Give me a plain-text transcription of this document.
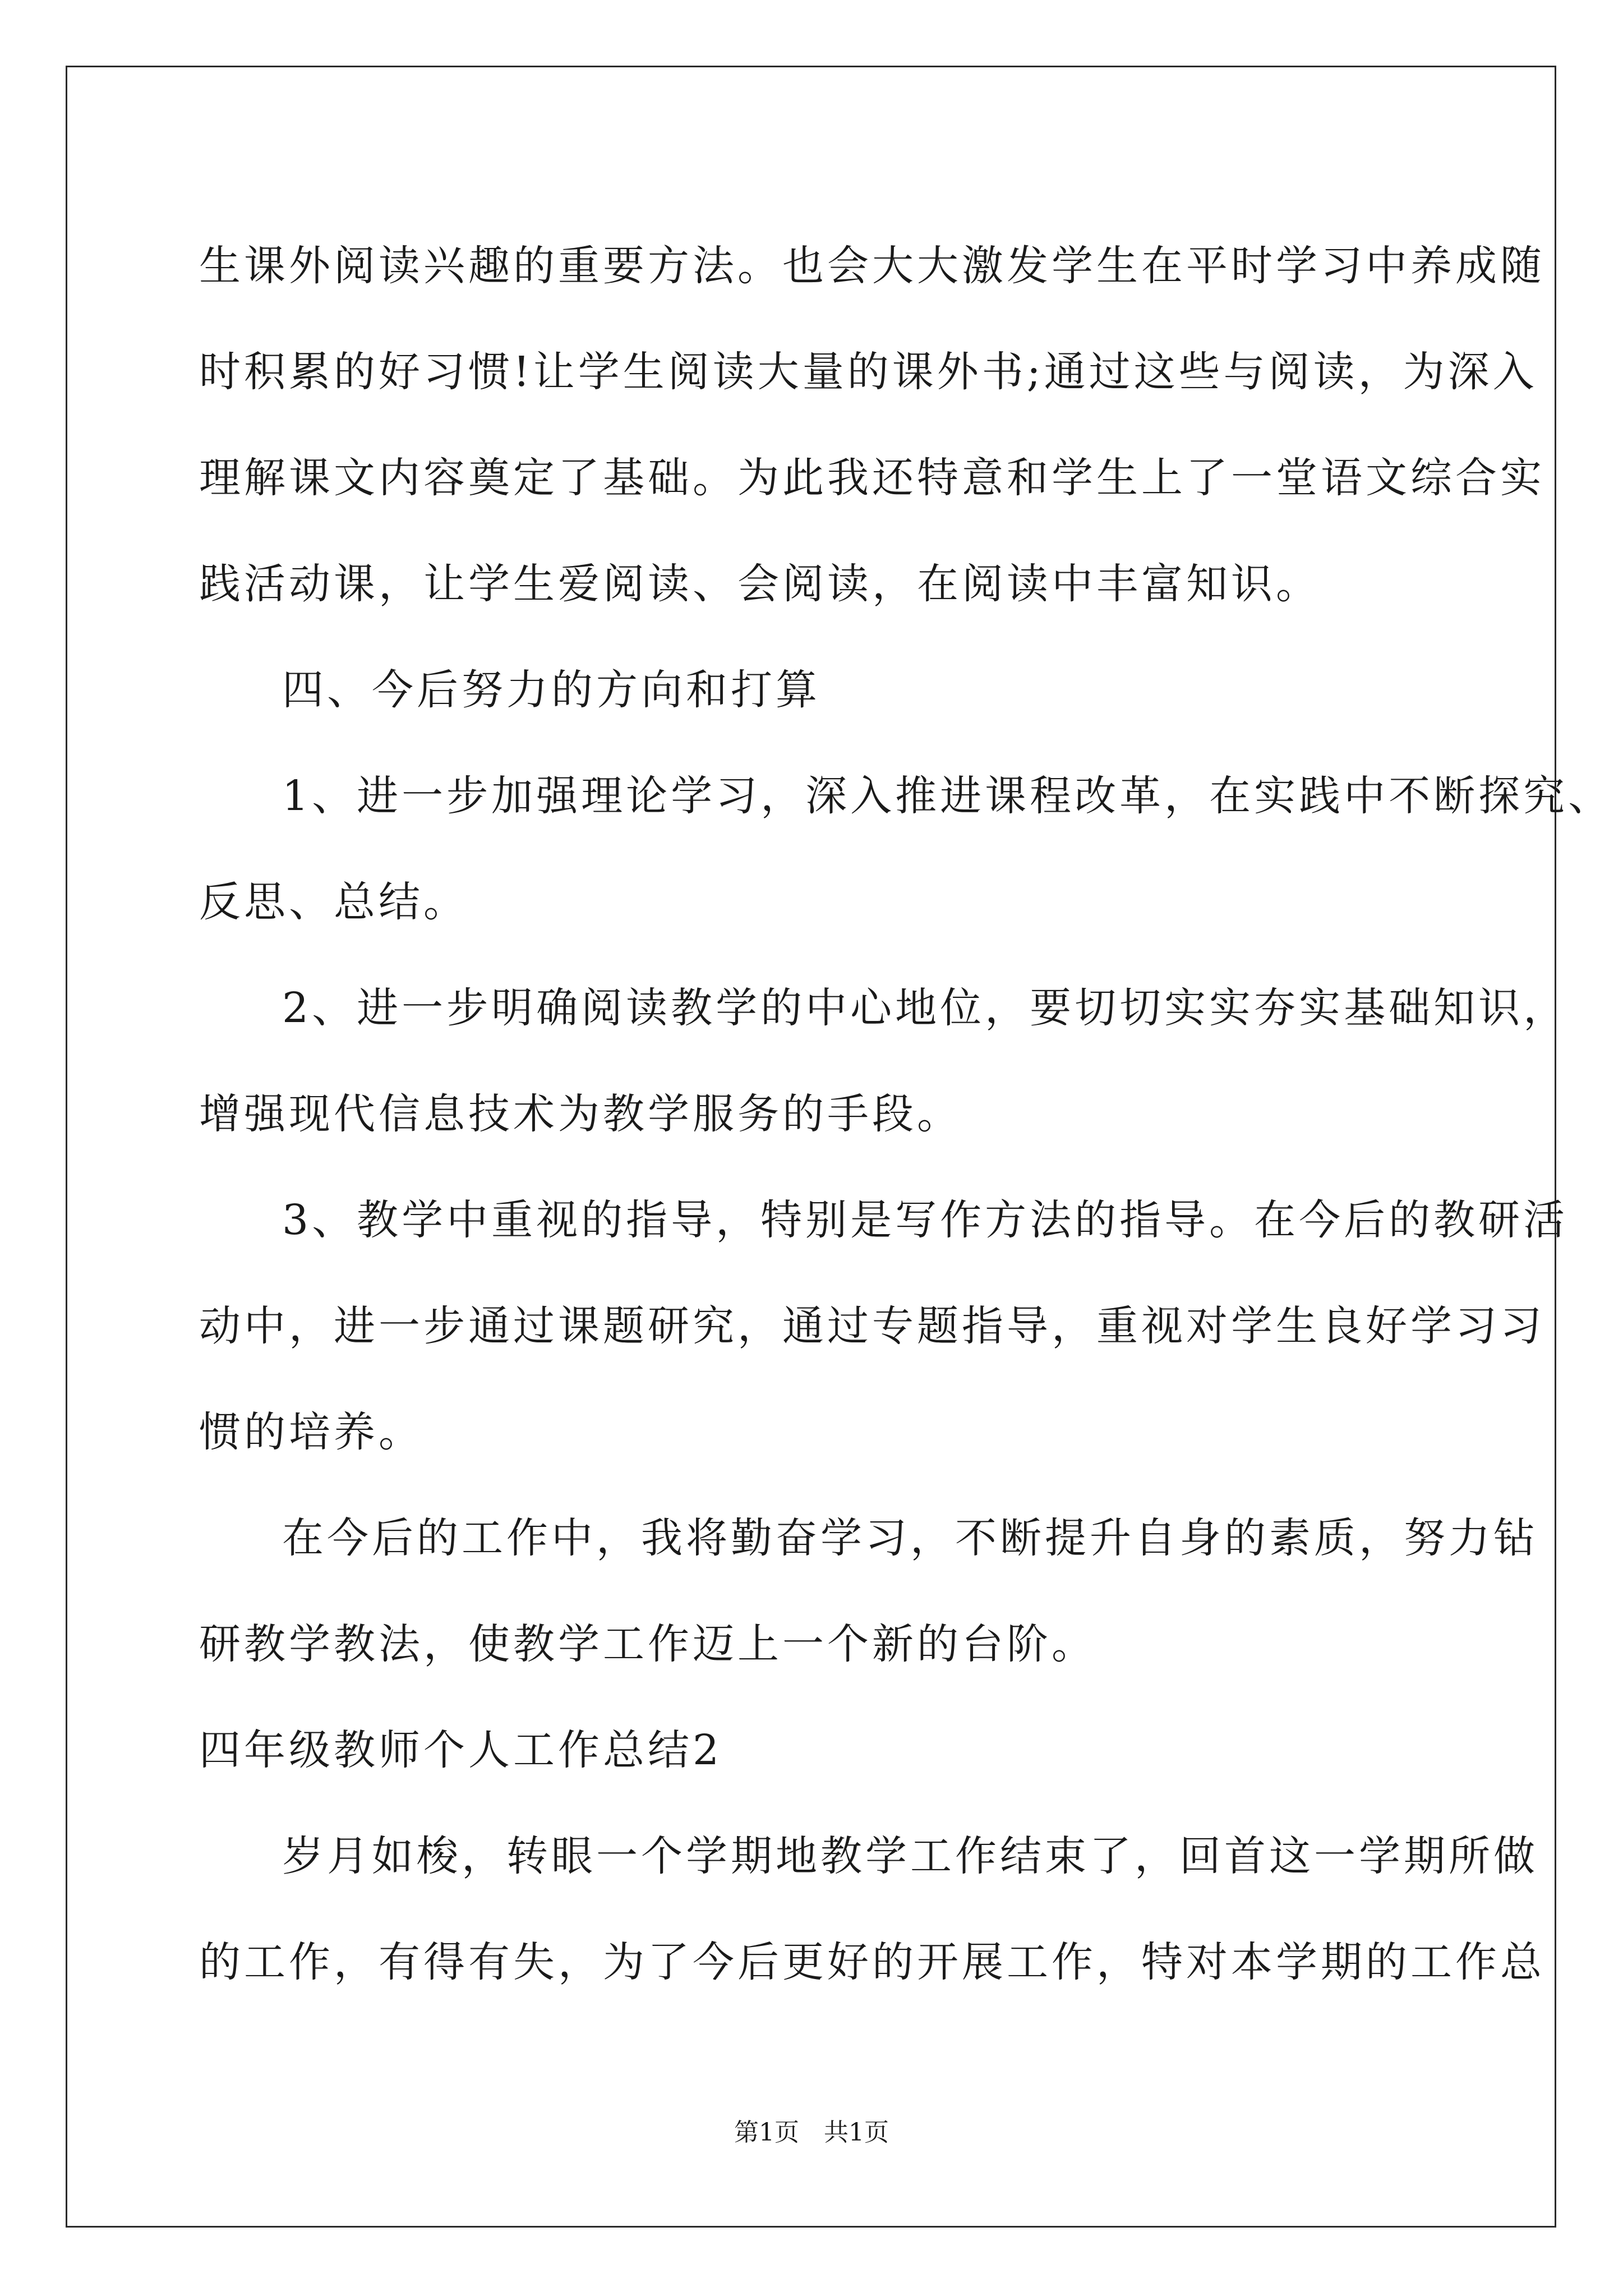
生课外阅读兴趣的重要方法。也会大大激发学生在平时学习中养成随
时积累的好习惯!让学生阅读大量的课外书;通过这些与阅读，为深入
理解课文内容奠定了基础。为此我还特意和学生上了一堂语文综合实
践活动课，让学生爱阅读、会阅读，在阅读中丰富知识。
四、今后努力的方向和打算
1、进一步加强理论学习，深入推进课程改革，在实践中不断探究、
反思、总结。
2、进一步明确阅读教学的中心地位，要切切实实夯实基础知识，
增强现代信息技术为教学服务的手段。
3、教学中重视的指导，特别是写作方法的指导。在今后的教研活
动中，进一步通过课题研究，通过专题指导，重视对学生良好学习习
惯的培养。
在今后的工作中，我将勤奋学习，不断提升自身的素质，努力钻
研教学教法，使教学工作迈上一个新的台阶。
四年级教师个人工作总结2
岁月如梭，转眼一个学期地教学工作结束了，回首这一学期所做
的工作，有得有失，为了今后更好的开展工作，特对本学期的工作总
第1页 共1页
